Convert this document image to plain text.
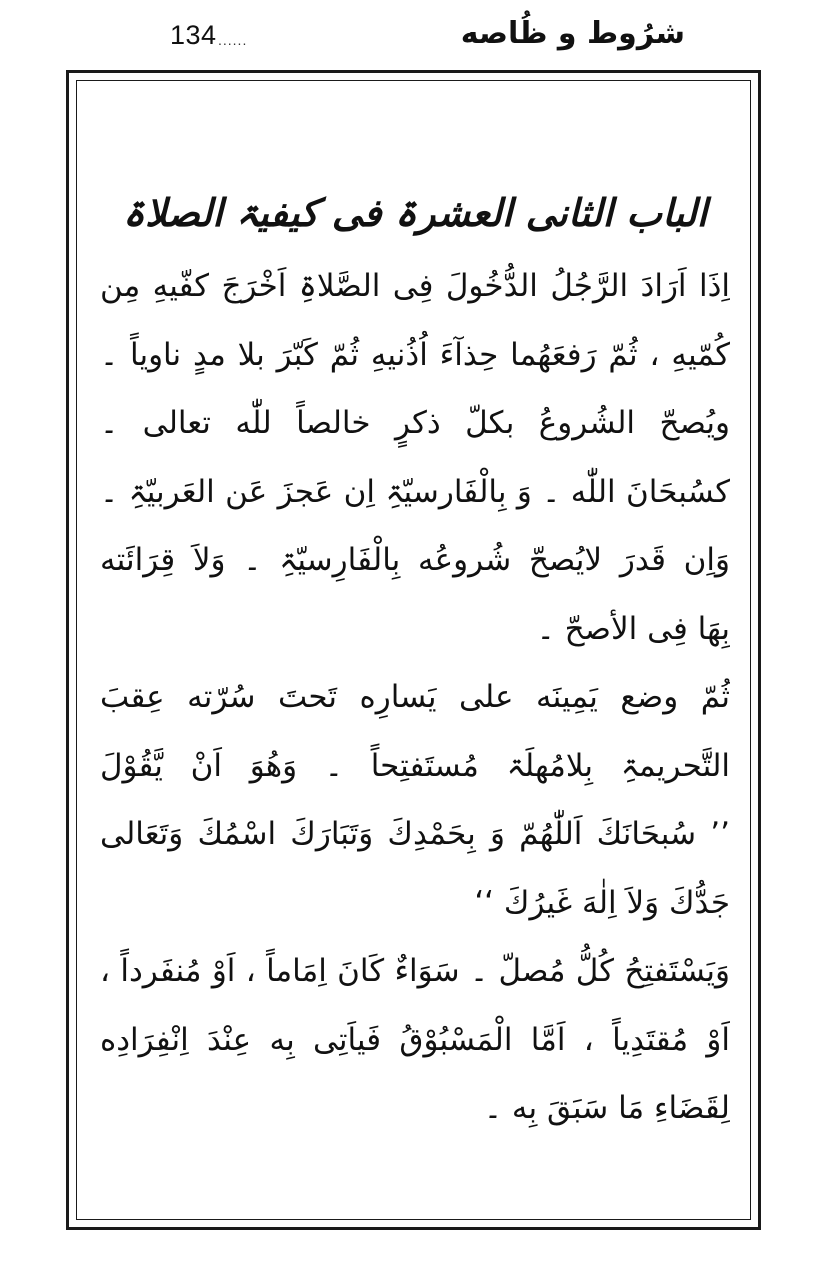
134 ......	شرُوط و ظُاصه
الباب الثانی العشرۃ فی کیفیۃ الصلاۃ
اِذَا اَرَادَ الرَّجُلُ الدُّخُولَ فِی الصَّلاۃِ اَخْرَجَ کفّیهِ مِن
کُمّیهِ ، ثُمّ رَفعَهُما حِذآءَ اُذُنیهِ ثُمّ کَبّرَ بلا مدٍ ناویاً ۔
ویُصحّ الشُروعُ بکلّ ذکرٍ خالصاً للّٰه تعالی ۔
کسُبحَانَ اللّٰه ۔ وَ بِالْفَارسیّۃِ اِن عَجزَ عَن العَربیّۃِ ۔
وَاِن قَدرَ لایُصحّ شُروعُه بِالْفَارِسیّۃِ ۔ وَلاَ قِرَائَته
بِهَا فِی الأصحّ ۔
ثُمّ وضع یَمِینَه علی یَسارِه تَحتَ سُرّته عِقبَ
التَّحریمۃِ بِلامُهلَۃ مُستَفتِحاً ۔ وَهُوَ اَنْ یَّقُوْلَ
’’ سُبحَانَكَ اَللّٰهُمّ وَ بِحَمْدِكَ وَتَبَارَكَ اسْمُكَ وَتَعَالی
جَدُّكَ وَلاَ اِلٰهَ غَیرُكَ ‘‘
وَیَسْتَفتِحُ كُلُّ مُصلّ ۔ سَوَاءٌ كَانَ اِمَاماً ، اَوْ مُنفَرداً ،
اَوْ مُقتَدِیاً ، اَمَّا الْمَسْبُوْقُ فَیاَتِی بِه عِنْدَ اِنْفِرَادِه
لِقَضَاءِ مَا سَبَقَ بِه ۔
